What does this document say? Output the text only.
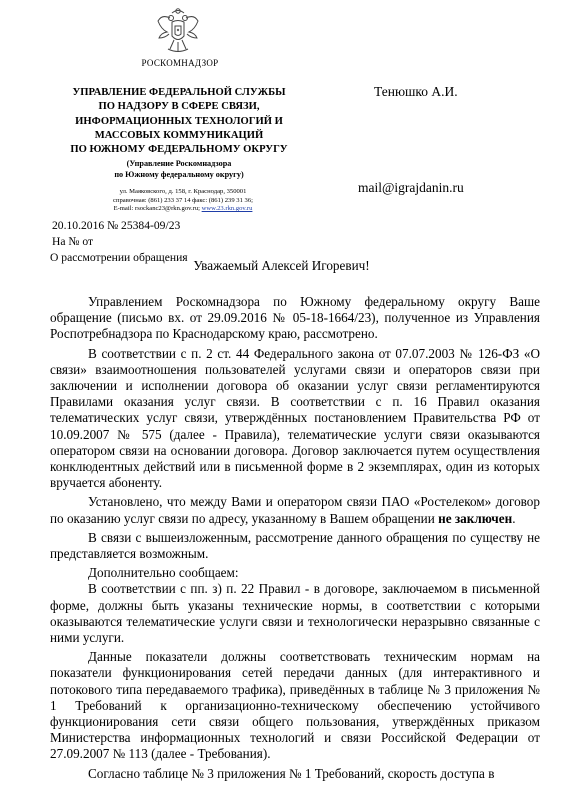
РОСКОМНАДЗОР
УПРАВЛЕНИЕ ФЕДЕРАЛЬНОЙ СЛУЖБЫ
ПО НАДЗОРУ В СФЕРЕ СВЯЗИ,
ИНФОРМАЦИОННЫХ ТЕХНОЛОГИЙ И
МАССОВЫХ КОММУНИКАЦИЙ
ПО ЮЖНОМУ ФЕДЕРАЛЬНОМУ ОКРУГУ
(Управление Роскомнадзора
по Южному федеральному округу)
ул. Маяковского, д. 158, г. Краснодар, 350001
справочная: (861) 233 37 14 факс: (861) 239 31 36;
E-mail: rsockanc23@rkn.gov.ru; www.23.rkn.gov.ru
Тенюшко А.И.
mail@igrajdanin.ru
20.10.2016 № 25384-09/23
На № от
О рассмотрении обращения
Уважаемый Алексей Игоревич!

Управлением Роскомнадзора по Южному федеральному округу Ваше обращение (письмо вх. от 29.09.2016 № 05-18-1664/23), полученное из Управления Роспотребнадзора по Краснодарскому краю, рассмотрено.

В соответствии с п. 2 ст. 44 Федерального закона от 07.07.2003 № 126-ФЗ «О связи» взаимоотношения пользователей услугами связи и операторов связи при заключении и исполнении договора об оказании услуг связи регламентируются Правилами оказания услуг связи. В соответствии с п. 16 Правил оказания телематических услуг связи, утверждённых постановлением Правительства РФ от 10.09.2007 № 575 (далее - Правила), телематические услуги связи оказываются оператором связи на основании договора. Договор заключается путем осуществления конклюдентных действий или в письменной форме в 2 экземплярах, один из которых вручается абоненту.

Установлено, что между Вами и оператором связи ПАО «Ростелеком» договор по оказанию услуг связи по адресу, указанному в Вашем обращении не заключен.

В связи с вышеизложенным, рассмотрение данного обращения по существу не представляется возможным.

Дополнительно сообщаем:

В соответствии с пп. з) п. 22 Правил - в договоре, заключаемом в письменной форме, должны быть указаны технические нормы, в соответствии с которыми оказываются телематические услуги связи и технологически неразрывно связанные с ними услуги.

Данные показатели должны соответствовать техническим нормам на показатели функционирования сетей передачи данных (для интерактивного и потокового типа передаваемого трафика), приведённых в таблице № 3 приложения № 1 Требований к организационно-техническому обеспечению устойчивого функционирования сети связи общего пользования, утверждённых приказом Министерства информационных технологий и связи Российской Федерации от 27.09.2007 № 113 (далее - Требования).

Согласно таблице № 3 приложения № 1 Требований, скорость доступа в
